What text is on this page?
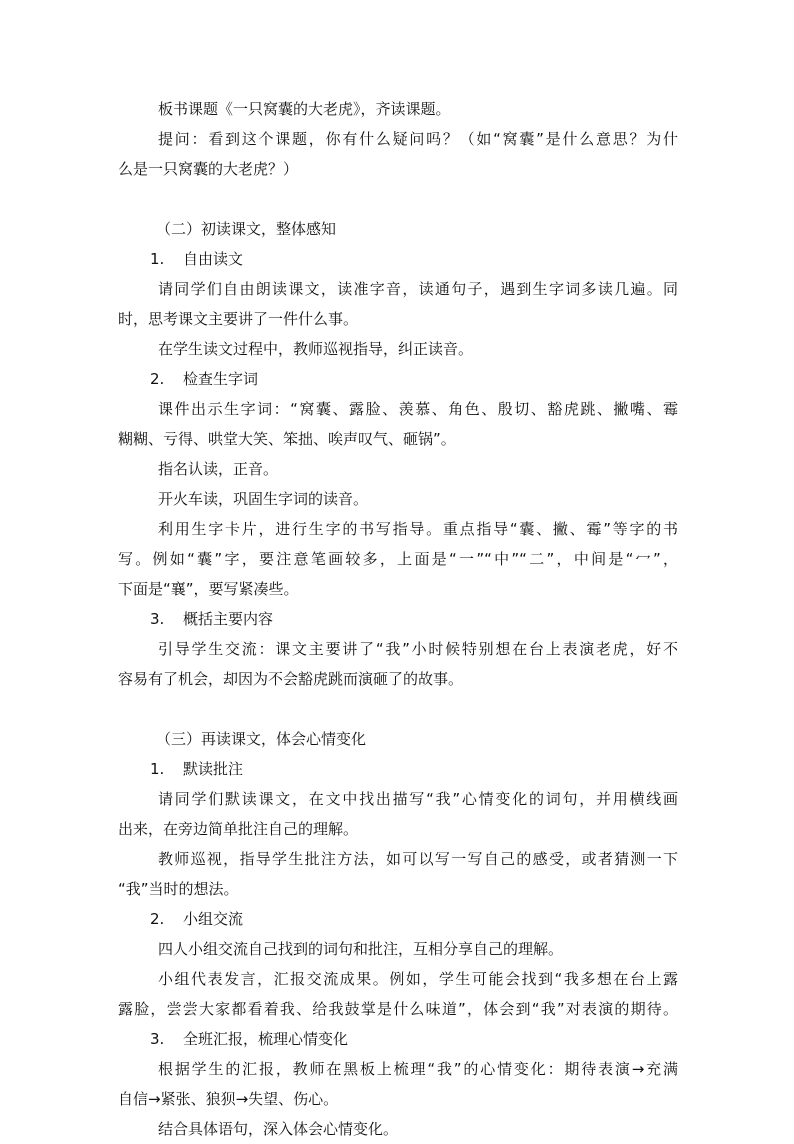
板书课题《一只窝囊的大老虎》，齐读课题。

提问：看到这个课题，你有什么疑问吗？（如“窝囊”是什么意思？为什

么是一只窝囊的大老虎？）

（二）初读课文，整体感知

1. 自由读文

请同学们自由朗读课文，读准字音，读通句子，遇到生字词多读几遍。同

时，思考课文主要讲了一件什么事。

在学生读文过程中，教师巡视指导，纠正读音。

2. 检查生字词

课件出示生字词：“窝囊、露脸、羡慕、角色、殷切、豁虎跳、撇嘴、霉

糊糊、亏得、哄堂大笑、笨拙、唉声叹气、砸锅”。

指名认读，正音。

开火车读，巩固生字词的读音。

利用生字卡片，进行生字的书写指导。重点指导“囊、撇、霉”等字的书

写。例如“囊”字，要注意笔画较多，上面是“一”“中”“二”，中间是“冖”，

下面是“襄”，要写紧凑些。

3. 概括主要内容

引导学生交流：课文主要讲了“我”小时候特别想在台上表演老虎，好不

容易有了机会，却因为不会豁虎跳而演砸了的故事。

（三）再读课文，体会心情变化

1. 默读批注

请同学们默读课文，在文中找出描写“我”心情变化的词句，并用横线画

出来，在旁边简单批注自己的理解。

教师巡视，指导学生批注方法，如可以写一写自己的感受，或者猜测一下

“我”当时的想法。

2. 小组交流

四人小组交流自己找到的词句和批注，互相分享自己的理解。

小组代表发言，汇报交流成果。例如，学生可能会找到“我多想在台上露

露脸，尝尝大家都看着我、给我鼓掌是什么味道”，体会到“我”对表演的期待。

3. 全班汇报，梳理心情变化

根据学生的汇报，教师在黑板上梳理“我”的心情变化：期待表演→充满

自信→紧张、狼狈→失望、伤心。

结合具体语句，深入体会心情变化。
